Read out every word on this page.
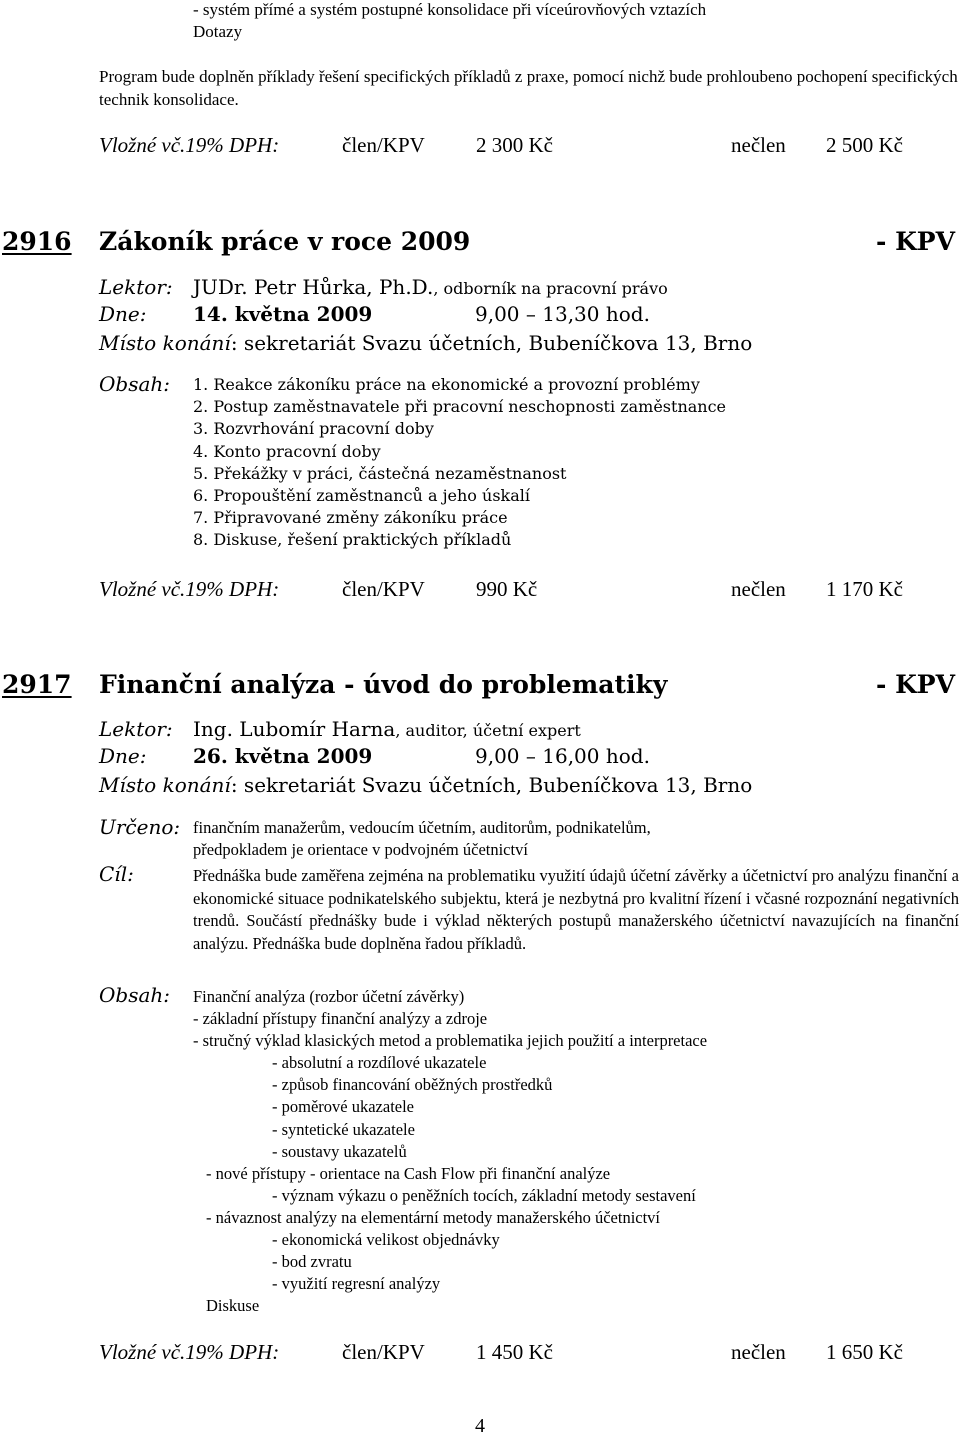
- systém přímé a systém postupné konsolidace při víceúrovňových vztazích
Dotazy
Program bude doplněn příklady řešení specifických příkladů z praxe, pomocí nichž bude prohloubeno pochopení specifických technik konsolidace.
Vložné vč.19% DPH:	člen/KPV 2 300 Kč	nečlen 2 500 Kč
2916 Zákoník práce v roce 2009	- KPV
Lektor: JUDr. Petr Hůrka, Ph.D., odborník na pracovní právo
Dne: 14. května 2009	9,00 – 13,30 hod.
Místo konání: sekretariát Svazu účetních, Bubeníčkova 13, Brno
Obsah: 1. Reakce zákoníku práce na ekonomické a provozní problémy
2. Postup zaměstnavatele při pracovní neschopnosti zaměstnance
3. Rozvrhování pracovní doby
4. Konto pracovní doby
5. Překážky v práci, částečná nezaměstnanost
6. Propouštění zaměstnanců a jeho úskalí
7. Připravované změny zákoníku práce
8. Diskuse, řešení praktických příkladů
Vložné vč.19% DPH:	člen/KPV 990 Kč	nečlen 1 170 Kč
2917 Finanční analýza - úvod do problematiky	- KPV
Lektor: Ing. Lubomír Harna, auditor, účetní expert
Dne: 26. května 2009	9,00 – 16,00 hod.
Místo konání: sekretariát Svazu účetních, Bubeníčkova 13, Brno
Určeno: finančním manažerům, vedoucím účetním, auditorům, podnikatelům,
předpokladem je orientace v podvojném účetnictví
Cíl:	Přednáška bude zaměřena zejména na problematiku využití údajů účetní závěrky a účetnictví pro analýzu finanční a ekonomické situace podnikatelského subjektu, která je nezbytná pro kvalitní řízení i včasné rozpoznání negativních trendů. Součástí přednášky bude i výklad některých postupů manažerského účetnictví navazujících na finanční analýzu. Přednáška bude doplněna řadou příkladů.
Obsah:	Finanční analýza (rozbor účetní závěrky)
- základní přístupy finanční analýzy a zdroje
- stručný výklad klasických metod a problematika jejich použití a interpretace
- absolutní a rozdílové ukazatele
- způsob financování oběžných prostředků
- poměrové ukazatele
- syntetické ukazatele
- soustavy ukazatelů
- nové přístupy - orientace na Cash Flow při finanční analýze
- význam výkazu o peněžních tocích, základní metody sestavení
- návaznost analýzy na elementární metody manažerského účetnictví
- ekonomická velikost objednávky
- bod zvratu
- využití regresní analýzy
Diskuse
Vložné vč.19% DPH:	člen/KPV 1 450 Kč	nečlen 1 650 Kč
4
